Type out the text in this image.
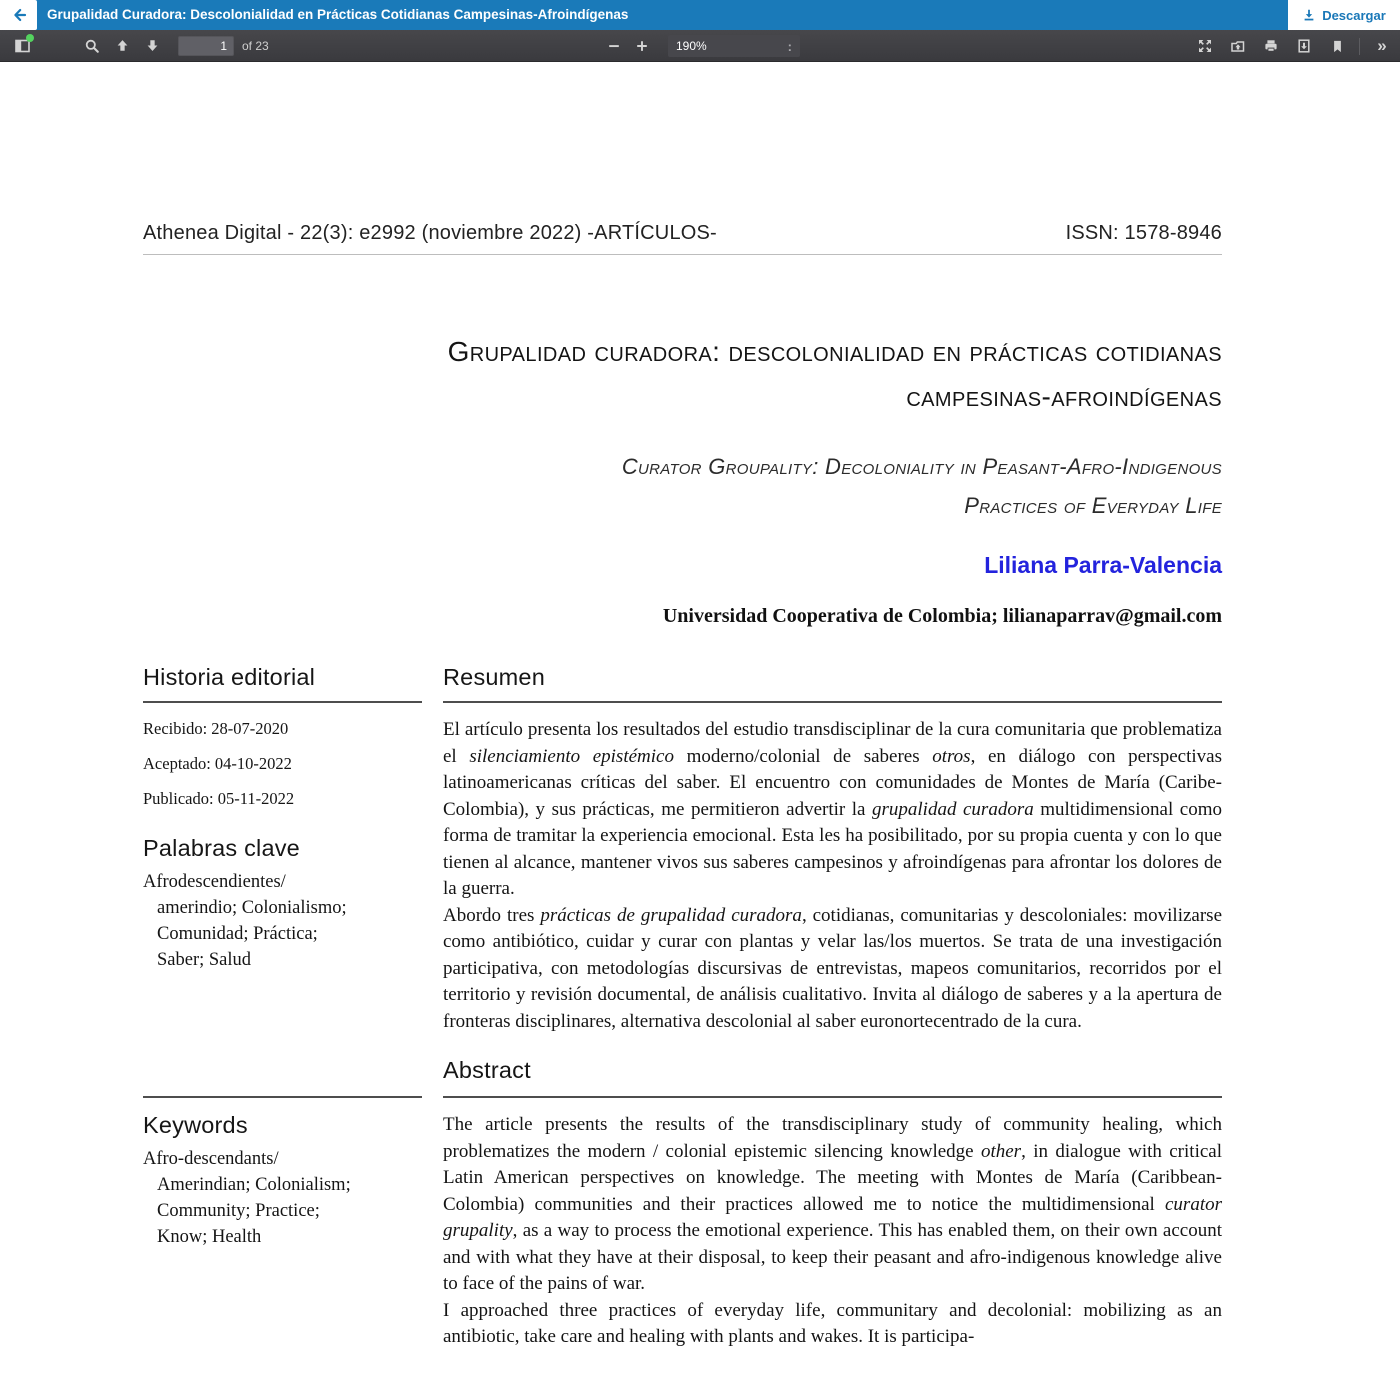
Grupalidad Curadora: Descolonialidad en Prácticas Cotidianas Campesinas-Afroindígenas	Descargar
1
of 23	190%	:	»
Athenea Digital - 22(3): e2992 (noviembre 2022) -ARTÍCULOS-	ISSN: 1578-8946
Grupalidad curadora: descolonialidad en prácticas cotidianas
campesinas-afroindígenas
Curator Groupality: Decoloniality in Peasant-Afro-Indigenous
Practices of Everyday Life
Liliana Parra-Valencia
Universidad Cooperativa de Colombia; lilianaparrav@gmail.com
Historia editorial
Recibido: 28-07-2020
Aceptado: 04-10-2022
Publicado: 05-11-2022
Palabras clave
Afrodescendientes/
amerindio; Colonialismo;
Comunidad; Práctica;
Saber; Salud
Resumen

El artículo presenta los resultados del estudio transdisciplinar de la cura comunitaria que problematiza el silenciamiento epistémico moderno/colonial de saberes otros, en diálogo con perspectivas latinoamericanas críticas del saber. El encuentro con comunidades de Montes de María (Caribe-Colombia), y sus prácticas, me permitieron advertir la grupalidad curadora multidimensional como forma de tramitar la experiencia emocional. Esta les ha posibilitado, por su propia cuenta y con lo que tienen al alcance, mantener vivos sus saberes campesinos y afroindígenas para afrontar los dolores de la guerra.

Abordo tres prácticas de grupalidad curadora, cotidianas, comunitarias y descoloniales: movilizarse como antibiótico, cuidar y curar con plantas y velar las/los muertos. Se trata de una investigación participativa, con metodologías discursivas de entrevistas, mapeos comunitarios, recorridos por el territorio y revisión documental, de análisis cualitativo. Invita al diálogo de saberes y a la apertura de fronteras disciplinares, alternativa descolonial al saber euronortecentrado de la cura.

Abstract
Keywords
Afro-descendants/
Amerindian; Colonialism;
Community; Practice;
Know; Health

The article presents the results of the transdisciplinary study of community healing, which problematizes the modern / colonial epistemic silencing knowledge other, in dialogue with critical Latin American perspectives on knowledge. The meeting with Montes de María (Caribbean-Colombia) communities and their practices allowed me to notice the multidimensional curator grupality, as a way to process the emotional experience. This has enabled them, on their own account and with what they have at their disposal, to keep their peasant and afro-indigenous knowledge alive to face of the pains of war.

I approached three practices of everyday life, communitary and decolonial: mobilizing as an antibiotic, take care and healing with plants and wakes. It is participa-
